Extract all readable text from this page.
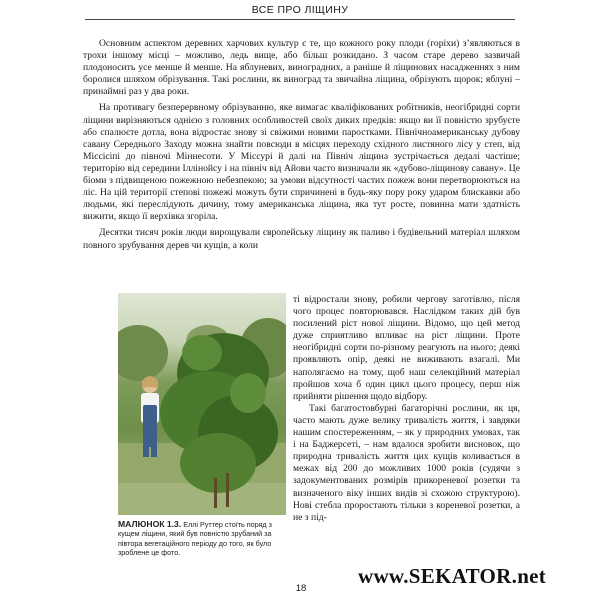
ВСЕ ПРО ЛІЩИНУ

Основним аспектом деревних харчових культур є те, що кожного року плоди (горіхи) з’являються в трохи іншому місці – можливо, ледь вище, або більш розкидано. З часом старе дерево зазвичай плодоносить усе менше й менше. На яблуневих, виноградних, а раніше й ліщинових насадженнях з ним боролися шляхом обрізування. Такі рослини, як виноград та звичайна ліщина, обрізують щорок; яблуні – принаймні раз у два роки.

На противагу безперервному обрізуванню, яке вимагає кваліфікованих робітників, неогібридні сорти ліщини вирізняються однією з головних особливостей своїх диких предків: якщо ви її повністю зрубуєте або спалюєте дотла, вона відростає знову зі свіжими новими паростками. Північноамериканську дубову савану Середнього Заходу можна знайти повсюди в місцях переходу східного листяного лісу у степ, від Міссісіпі до півночі Міннесоти. У Міссурі й далі на Північ ліщина зустрічається дедалі частіше; територію від середини Іллінойсу і на північ від Айови часто визначали як «дубово-ліщинову савану». Це біоми з підвищеною пожежною небезпекою; за умови відсутності частих пожеж вони перетворюються на ліс. На цій території степові пожежі можуть бути спричинені в будь-яку пору року ударом блискавки або людьми, які переслідують дичину, тому американська ліщина, яка тут росте, повинна мати здатність вижити, якщо її верхівка згоріла.

Десятки тисяч років люди вирощували європейську ліщину як паливо і будівельний матеріал шляхом повного зрубування дерев чи кущів, а коли

ті відростали знову, робили чергову заготівлю, після чого процес повторювався. Наслідком таких дій був посилений ріст нової ліщини. Відомо, що цей метод дуже сприятливо впливає на ріст ліщини. Проте неогібридні сорти по-різному реагують на нього; деякі проявляють опір, деякі не виживають взагалі. Ми наполягаємо на тому, щоб наш селекційний матеріал пройшов хоча б один цикл цього процесу, перш ніж прийняти рішення щодо відбору.

Такі багатостовбурні багаторічні рослини, як ця, часто мають дуже велику тривалість життя, і завдяки нашим спостереженням, – як у природних умовах, так і на Баджерсеті, – нам вдалося зробити висновок, що природна тривалість життя цих кущів коливається в межах від 200 до можливих 1000 років (судячи з задокументованих розмірів прикореневої розетки та визначеного віку інших видів зі схожою структурою). Нові стебла проростають тільки з кореневої розетки, а не з під-

МАЛЮНОК 1.3. Еллі Руттер стоїть поряд з кущем ліщини, який був повністю зрубаний за півтора вегетаційного періоду до того, як було зроблене це фото.
18
www.SEKATOR.net
